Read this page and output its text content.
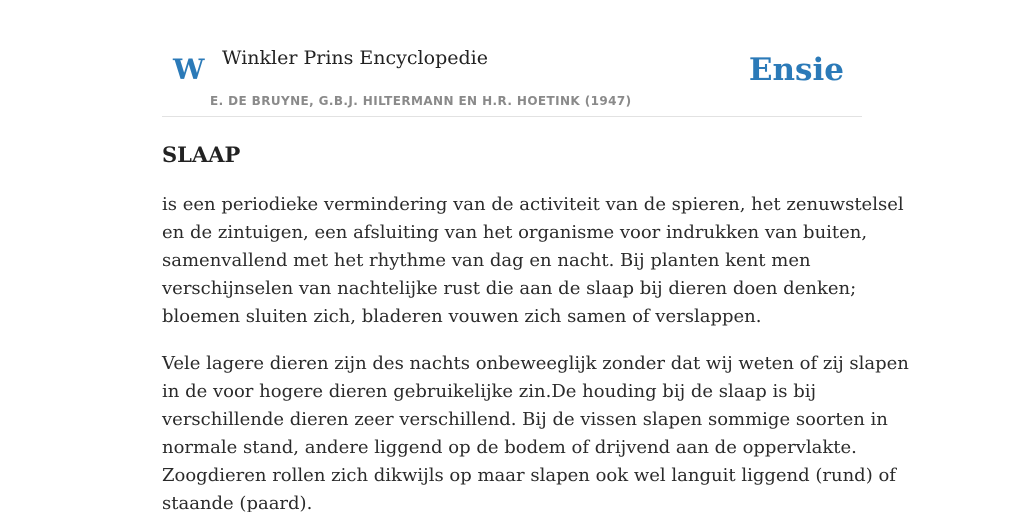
W Winkler Prins Encyclopedie
E. DE BRUYNE, G.B.J. HILTERMANN EN H.R. HOETINK (1947)
Ensie
SLAAP

is een periodieke vermindering van de activiteit van de spieren, het zenuwstelsel
en de zintuigen, een afsluiting van het organisme voor indrukken van buiten,
samenvallend met het rhythme van dag en nacht. Bij planten kent men
verschijnselen van nachtelijke rust die aan de slaap bij dieren doen denken;
bloemen sluiten zich, bladeren vouwen zich samen of verslappen.

Vele lagere dieren zijn des nachts onbeweeglijk zonder dat wij weten of zij slapen
in de voor hogere dieren gebruikelijke zin.De houding bij de slaap is bij
verschillende dieren zeer verschillend. Bij de vissen slapen sommige soorten in
normale stand, andere liggend op de bodem of drijvend aan de oppervlakte.
Zoogdieren rollen zich dikwijls op maar slapen ook wel languit liggend (rund) of
staande (paard).
